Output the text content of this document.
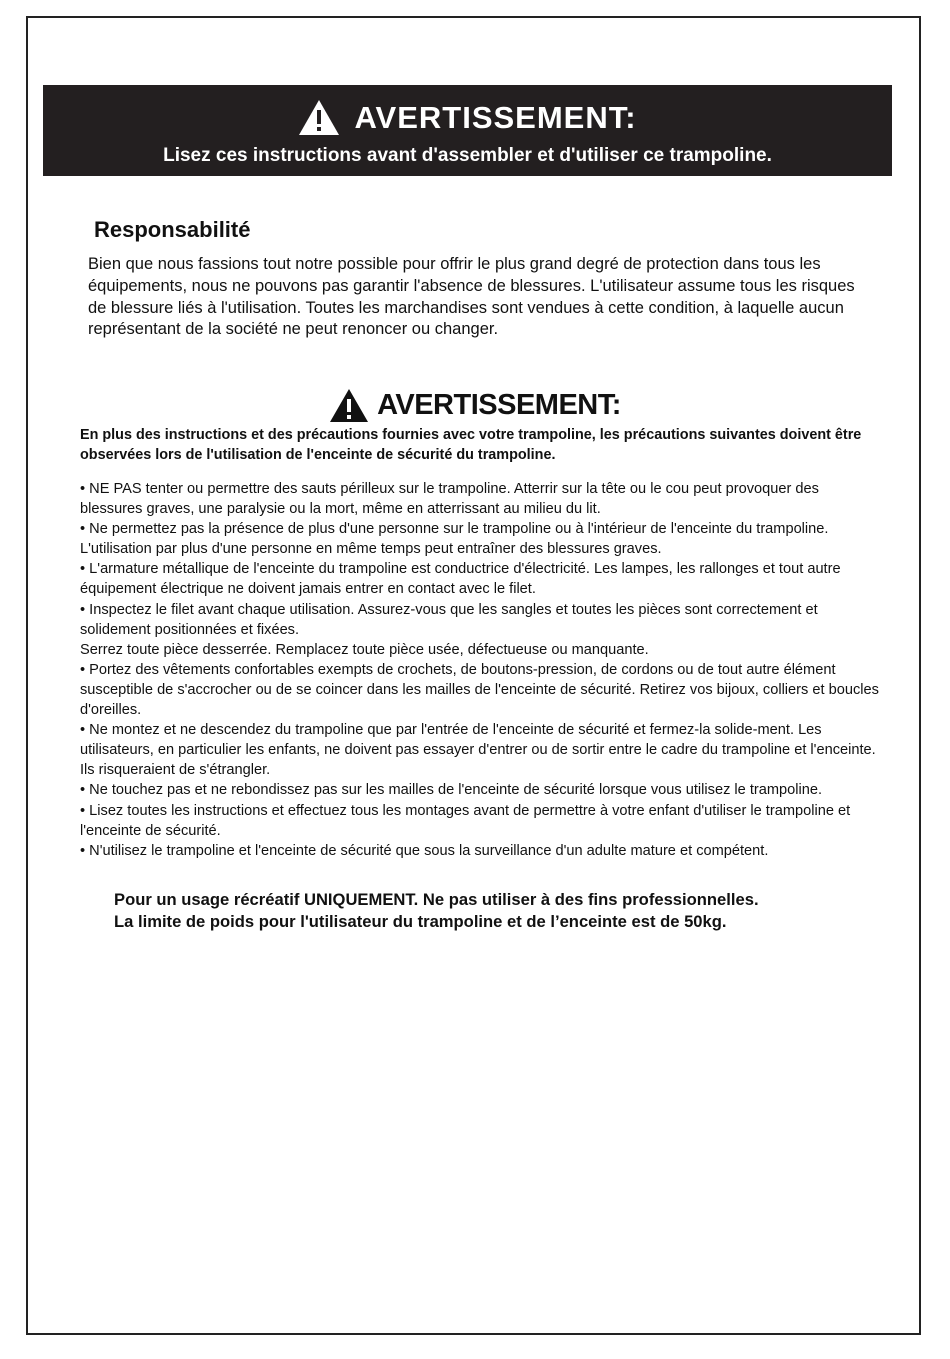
AVERTISSEMENT:
Lisez ces instructions avant d'assembler et d'utiliser ce trampoline.
Responsabilité

Bien que nous fassions tout notre possible pour offrir le plus grand degré de protection dans tous les équipements, nous ne pouvons pas garantir l'absence de blessures. L'utilisateur assume tous les risques de blessure liés à l'utilisation. Toutes les marchandises sont vendues à cette condition, à laquelle aucun représentant de la société ne peut renoncer ou changer.

AVERTISSEMENT:

En plus des instructions et des précautions fournies avec votre trampoline, les précautions suivantes doivent être observées lors de l'utilisation de l'enceinte de sécurité du trampoline.

• NE PAS tenter ou permettre des sauts périlleux sur le trampoline. Atterrir sur la tête ou le cou peut provoquer des blessures graves, une paralysie ou la mort, même en atterrissant au milieu du lit.

• Ne permettez pas la présence de plus d'une personne sur le trampoline ou à l'intérieur de l'enceinte du trampoline. L'utilisation par plus d'une personne en même temps peut entraîner des blessures graves.

• L'armature métallique de l'enceinte du trampoline est conductrice d'électricité. Les lampes, les rallonges et tout autre équipement électrique ne doivent jamais entrer en contact avec le filet.

• Inspectez le filet avant chaque utilisation. Assurez-vous que les sangles et toutes les pièces sont correctement et solidement positionnées et fixées.

Serrez toute pièce desserrée. Remplacez toute pièce usée, défectueuse ou manquante.

• Portez des vêtements confortables exempts de crochets, de boutons-pression, de cordons ou de tout autre élément susceptible de s'accrocher ou de se coincer dans les mailles de l'enceinte de sécurité. Retirez vos bijoux, colliers et boucles d'oreilles.

• Ne montez et ne descendez du trampoline que par l'entrée de l'enceinte de sécurité et fermez-la solide-ment. Les utilisateurs, en particulier les enfants, ne doivent pas essayer d'entrer ou de sortir entre le cadre du trampoline et l'enceinte. Ils risqueraient de s'étrangler.

• Ne touchez pas et ne rebondissez pas sur les mailles de l'enceinte de sécurité lorsque vous utilisez le trampoline.

• Lisez toutes les instructions et effectuez tous les montages avant de permettre à votre enfant d'utiliser le trampoline et l'enceinte de sécurité.

• N'utilisez le trampoline et l'enceinte de sécurité que sous la surveillance d'un adulte mature et compétent.

Pour un usage récréatif UNIQUEMENT. Ne pas utiliser à des fins professionnelles.

La limite de poids pour l'utilisateur du trampoline et de l’enceinte est de 50kg.
